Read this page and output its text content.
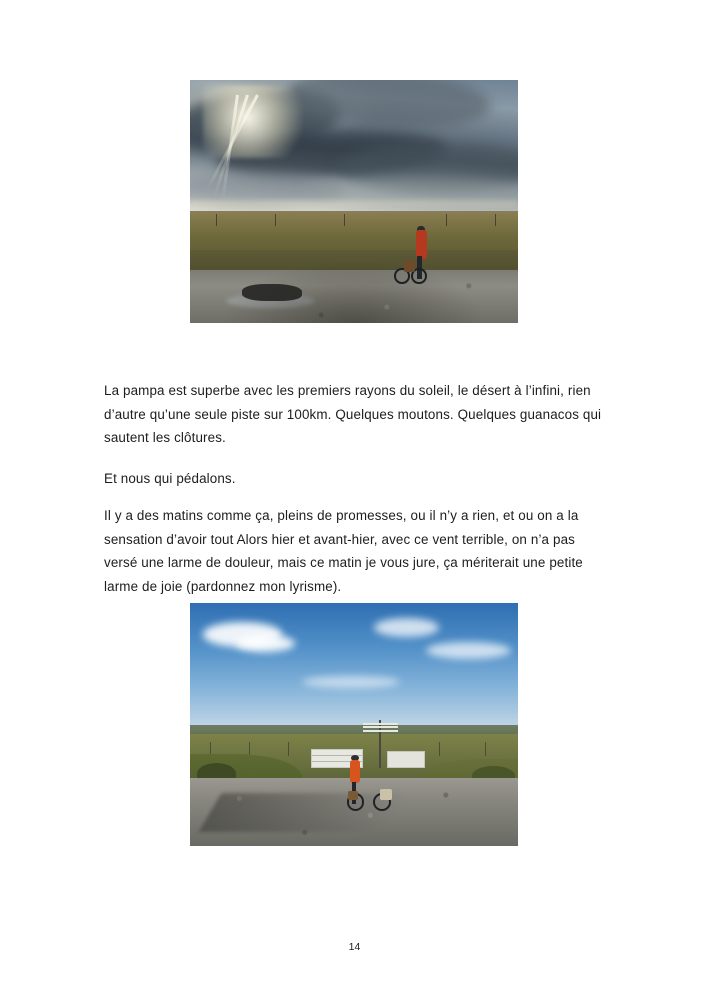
La pampa est superbe avec les premiers rayons du soleil, le désert à l’infini, rien d’autre qu’une seule piste sur 100km. Quelques moutons. Quelques guanacos qui sautent les clôtures.

Et nous qui pédalons.

Il y a des matins comme ça, pleins de promesses, ou il n’y a rien, et ou on a la sensation d’avoir tout Alors hier et avant-hier, avec ce vent terrible, on n’a pas versé une larme de douleur, mais ce matin je vous jure, ça mériterait une petite larme de joie (pardonnez mon lyrisme).

14
